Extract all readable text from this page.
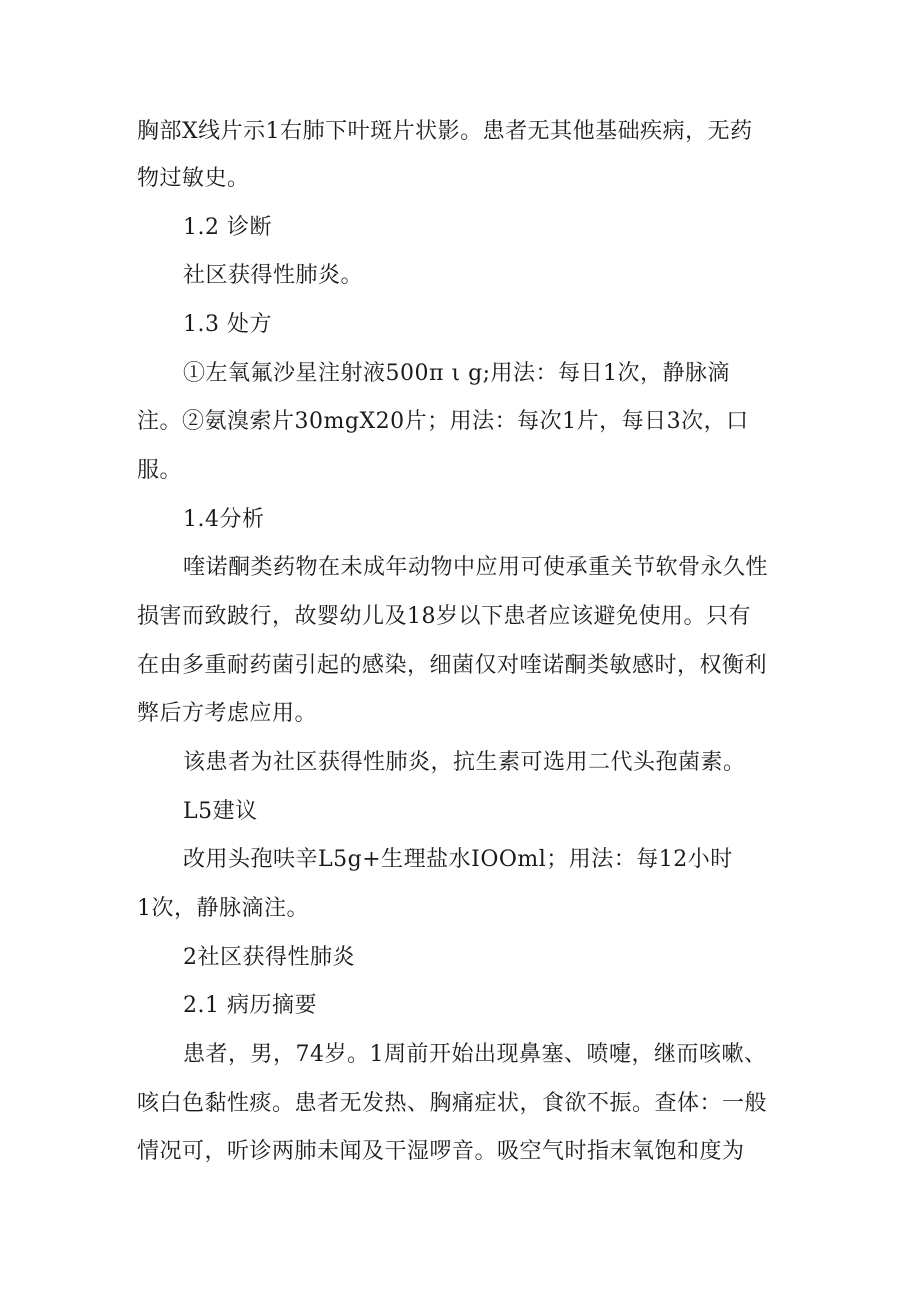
胸部X线片示1右肺下叶斑片状影。患者无其他基础疾病，无药
物过敏史。
1.2 诊断
社区获得性肺炎。
1.3 处方
①左氧氟沙星注射液500π ι g;用法：每日1次，静脉滴
注。②氨溴索片30mgX20片；用法：每次1片，每日3次，口
服。
1.4分析
喹诺酮类药物在未成年动物中应用可使承重关节软骨永久性
损害而致跛行，故婴幼儿及18岁以下患者应该避免使用。只有
在由多重耐药菌引起的感染，细菌仅对喹诺酮类敏感时，权衡利
弊后方考虑应用。
该患者为社区获得性肺炎，抗生素可选用二代头孢菌素。
L5建议
改用头孢呋辛L5g+生理盐水IOOml；用法：每12小时
1次，静脉滴注。
2社区获得性肺炎
2.1 病历摘要
患者，男，74岁。1周前开始出现鼻塞、喷嚏，继而咳嗽、
咳白色黏性痰。患者无发热、胸痛症状，食欲不振。查体：一般
情况可，听诊两肺未闻及干湿啰音。吸空气时指末氧饱和度为
